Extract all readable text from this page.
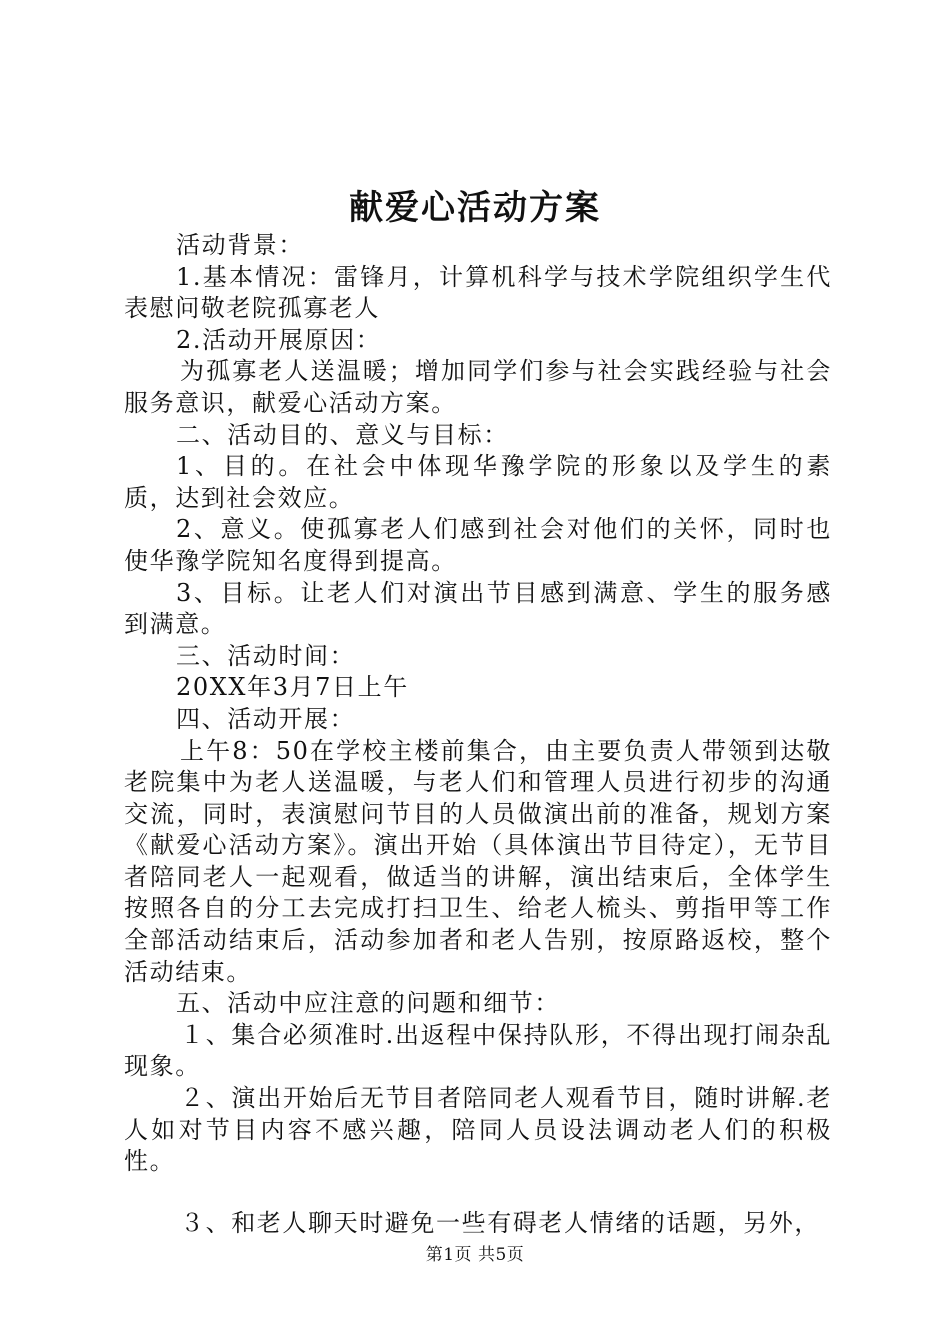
献爱心活动方案

活动背景：

1.基本情况：雷锋月，计算机科学与技术学院组织学生代表慰问敬老院孤寡老人

2.活动开展原因：

为孤寡老人送温暖；增加同学们参与社会实践经验与社会服务意识，献爱心活动方案。

二、活动目的、意义与目标：

1、目的。在社会中体现华豫学院的形象以及学生的素质，达到社会效应。

2、意义。使孤寡老人们感到社会对他们的关怀，同时也使华豫学院知名度得到提高。

3、目标。让老人们对演出节目感到满意、学生的服务感到满意。

三、活动时间：

20XX年3月7日上午

四、活动开展：

上午8：50在学校主楼前集合，由主要负责人带领到达敬老院集中为老人送温暖，与老人们和管理人员进行初步的沟通交流，同时，表演慰问节目的人员做演出前的准备，规划方案《献爱心活动方案》。演出开始（具体演出节目待定），无节目者陪同老人一起观看，做适当的讲解，演出结束后，全体学生按照各自的分工去完成打扫卫生、给老人梳头、剪指甲等工作全部活动结束后，活动参加者和老人告别，按原路返校，整个活动结束。

五、活动中应注意的问题和细节：

１、集合必须准时.出返程中保持队形，不得出现打闹杂乱现象。

２、演出开始后无节目者陪同老人观看节目，随时讲解.老人如对节目内容不感兴趣，陪同人员设法调动老人们的积极性。

３、和老人聊天时避免一些有碍老人情绪的话题，另外，

第1页 共5页
